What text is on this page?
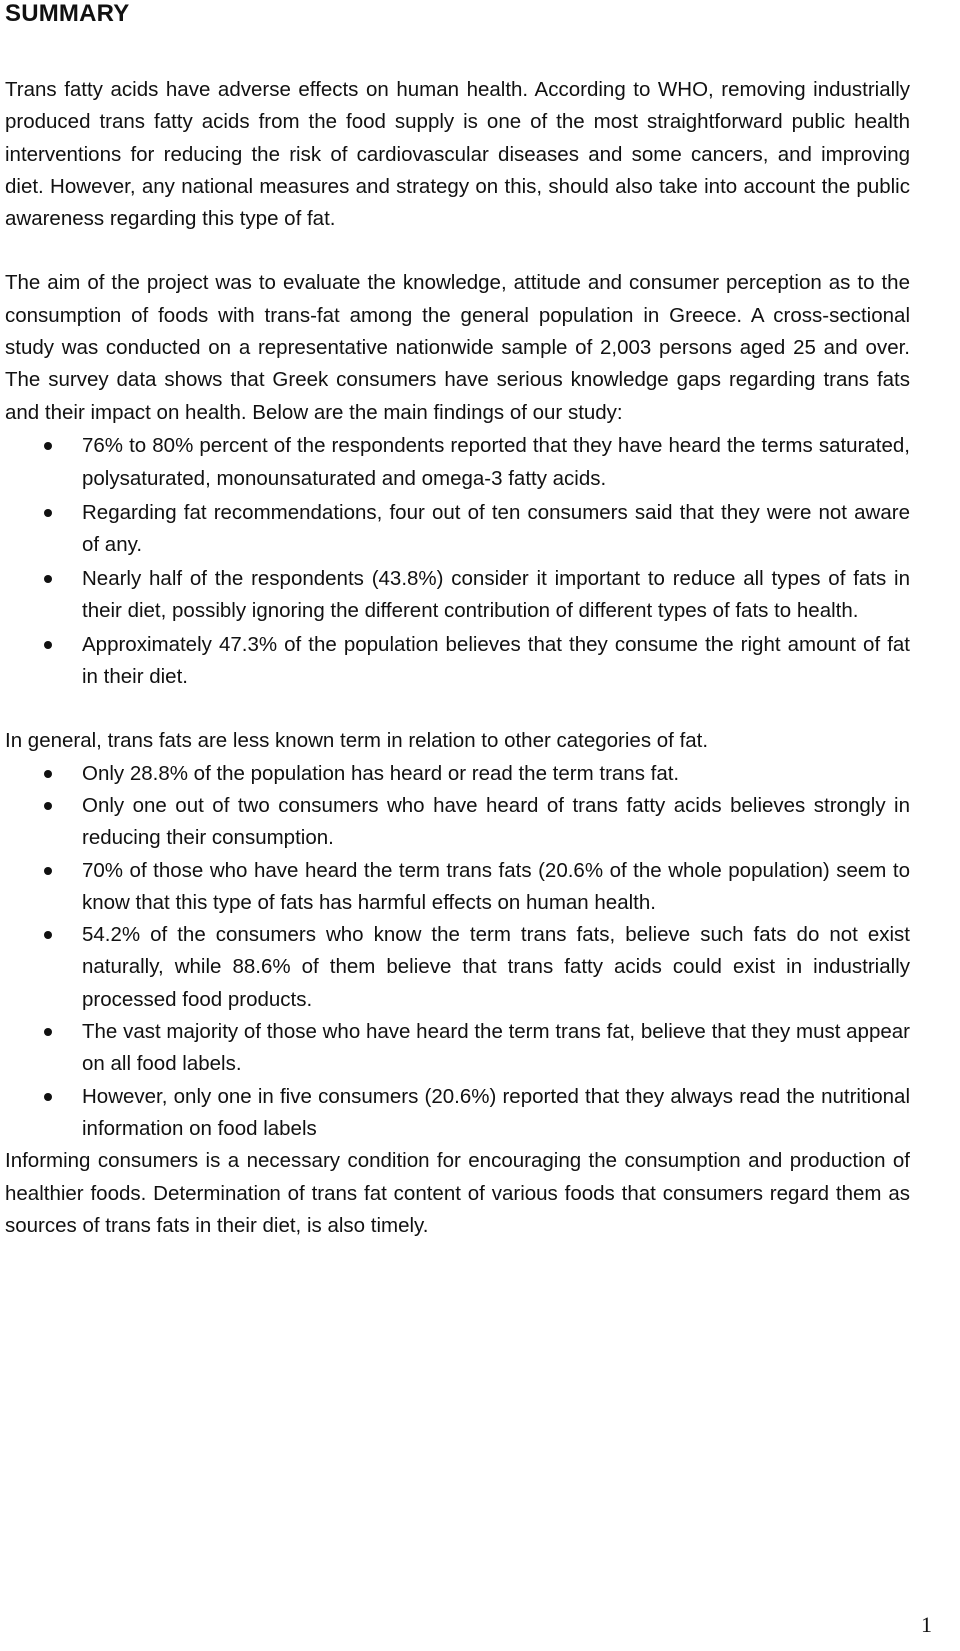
SUMMARY

Trans fatty acids have adverse effects on human health. According to WHO, removing industrially produced trans fatty acids from the food supply is one of the most straightforward public health interventions for reducing the risk of cardiovascular diseases and some cancers, and improving diet. However, any national measures and strategy on this, should also take into account the public awareness regarding this type of fat.

The aim of the project was to evaluate the knowledge, attitude and consumer perception as to the consumption of foods with trans-fat among the general population in Greece. A cross-sectional study was conducted on a representative nationwide sample of 2,003 persons aged 25 and over. The survey data shows that Greek consumers have serious knowledge gaps regarding trans fats and their impact on health. Below are the main findings of our study:

76% to 80% percent of the respondents reported that they have heard the terms saturated, polysaturated, monounsaturated and omega-3 fatty acids.
Regarding fat recommendations, four out of ten consumers said that they were not aware of any.
Nearly half of the respondents (43.8%) consider it important to reduce all types of fats in their diet, possibly ignoring the different contribution of different types of fats to health.
Approximately 47.3% of the population believes that they consume the right amount of fat in their diet.

In general, trans fats are less known term in relation to other categories of fat.

Only 28.8% of the population has heard or read the term trans fat.
Only one out of two consumers who have heard of trans fatty acids believes strongly in reducing their consumption.
70% of those who have heard the term trans fats (20.6% of the whole population) seem to know that this type of fats has harmful effects on human health.
54.2% of the consumers who know the term trans fats, believe such fats do not exist naturally, while 88.6% of them believe that trans fatty acids could exist in industrially processed food products.
The vast majority of those who have heard the term trans fat, believe that they must appear on all food labels.
However, only one in five consumers (20.6%) reported that they always read the nutritional information on food labels

Informing consumers is a necessary condition for encouraging the consumption and production of healthier foods. Determination of trans fat content of various foods that consumers regard them as sources of trans fats in their diet, is also timely.

1
